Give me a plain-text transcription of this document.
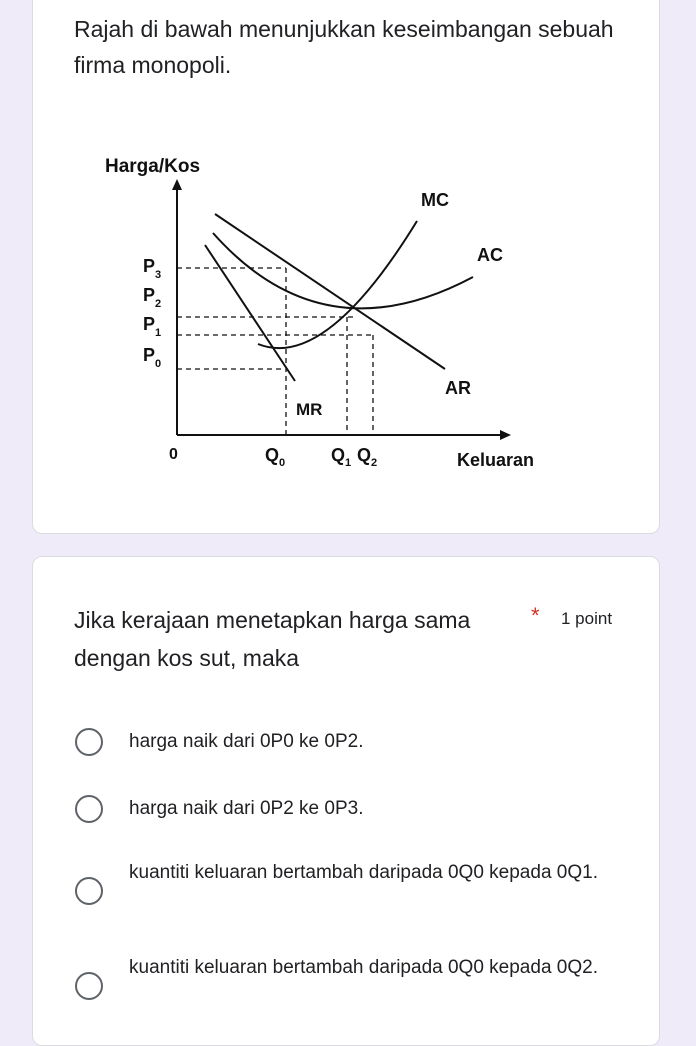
Rajah di bawah menunjukkan keseimbangan sebuah firma monopoli.

Harga/Kos
Keluaran
0
MC
AC
AR
MR
$P_3$
$P_2$
$P_1$
$P_0$
$Q_0$	$Q_1$ $Q_2$

Jika kerajaan menetapkan harga sama dengan kos sut, maka

* 1 point
harga naik dari 0P0 ke 0P2.
harga naik dari 0P2 ke 0P3.
kuantiti keluaran bertambah daripada 0Q0 kepada 0Q1.
kuantiti keluaran bertambah daripada 0Q0 kepada 0Q2.
